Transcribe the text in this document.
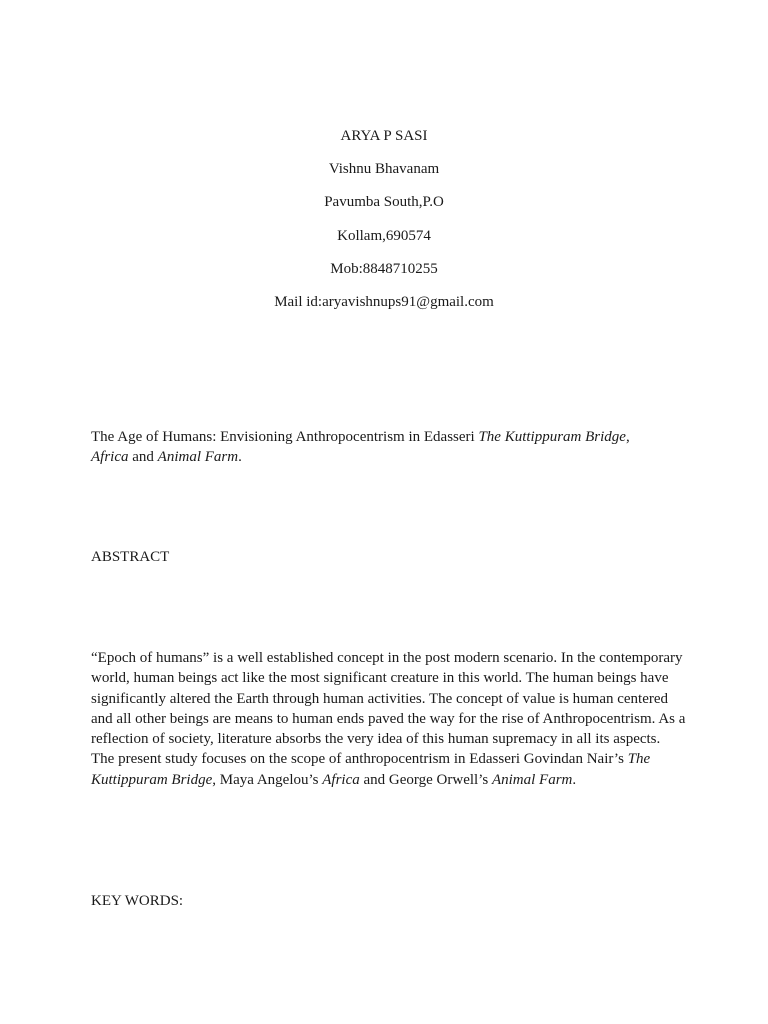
ARYA P SASI
Vishnu Bhavanam
Pavumba South,P.O
Kollam,690574
Mob:8848710255
Mail id:aryavishnups91@gmail.com
The Age of Humans: Envisioning Anthropocentrism in Edasseri The Kuttippuram Bridge, Africa and Animal Farm.
ABSTRACT
“Epoch of humans” is a well established concept in the post modern scenario. In the contemporary world, human beings act like the most significant creature in this world. The human beings have significantly altered the Earth through human activities. The concept of value is human centered and all other beings are means to human ends paved the way for the rise of Anthropocentrism. As a reflection of society, literature absorbs the very idea of this human supremacy in all its aspects. The present study focuses on the scope of anthropocentrism in Edasseri Govindan Nair’s The Kuttippuram Bridge, Maya Angelou’s Africa and George Orwell’s Animal Farm.
KEY WORDS:
